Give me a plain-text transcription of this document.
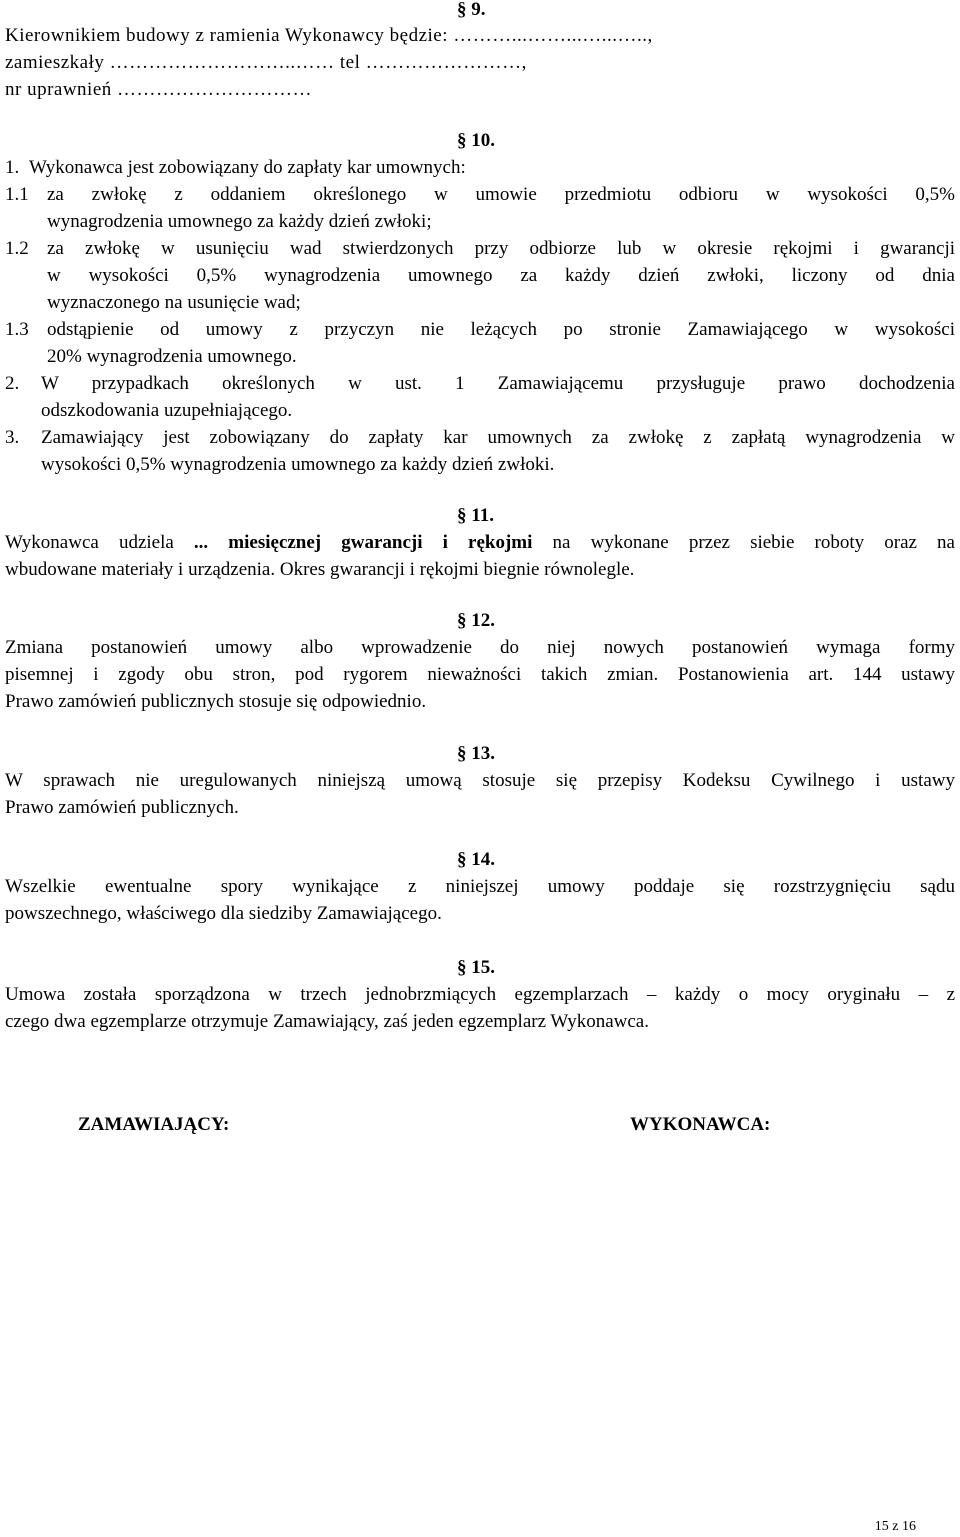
§ 9.
Kierownikiem budowy z ramienia Wykonawcy będzie: ………...……...…...…..,
zamieszkały ………………………..…… tel ……………………,
nr uprawnień …………………………
§ 10.
1. Wykonawca jest zobowiązany do zapłaty kar umownych:
1.1 za zwłokę z oddaniem określonego w umowie przedmiotu odbioru w wysokości 0,5%
wynagrodzenia umownego za każdy dzień zwłoki;
1.2 za zwłokę w usunięciu wad stwierdzonych przy odbiorze lub w okresie rękojmi i gwarancji
w wysokości 0,5% wynagrodzenia umownego za każdy dzień zwłoki, liczony od dnia
wyznaczonego na usunięcie wad;
1.3 odstąpienie od umowy z przyczyn nie leżących po stronie Zamawiającego w wysokości
20% wynagrodzenia umownego.
2. W przypadkach określonych w ust. 1 Zamawiającemu przysługuje prawo dochodzenia
odszkodowania uzupełniającego.
3. Zamawiający jest zobowiązany do zapłaty kar umownych za zwłokę z zapłatą wynagrodzenia w
wysokości 0,5% wynagrodzenia umownego za każdy dzień zwłoki.
§ 11.
Wykonawca udziela ... miesięcznej gwarancji i rękojmi na wykonane przez siebie roboty oraz na
wbudowane materiały i urządzenia. Okres gwarancji i rękojmi biegnie równolegle.
§ 12.
Zmiana postanowień umowy albo wprowadzenie do niej nowych postanowień wymaga formy
pisemnej i zgody obu stron, pod rygorem nieważności takich zmian. Postanowienia art. 144 ustawy
Prawo zamówień publicznych stosuje się odpowiednio.
§ 13.
W sprawach nie uregulowanych niniejszą umową stosuje się przepisy Kodeksu Cywilnego i ustawy
Prawo zamówień publicznych.
§ 14.
Wszelkie ewentualne spory wynikające z niniejszej umowy poddaje się rozstrzygnięciu sądu
powszechnego, właściwego dla siedziby Zamawiającego.
§ 15.
Umowa została sporządzona w trzech jednobrzmiących egzemplarzach – każdy o mocy oryginału – z
czego dwa egzemplarze otrzymuje Zamawiający, zaś jeden egzemplarz Wykonawca.
ZAMAWIAJĄCY:	WYKONAWCA:
15 z 16
